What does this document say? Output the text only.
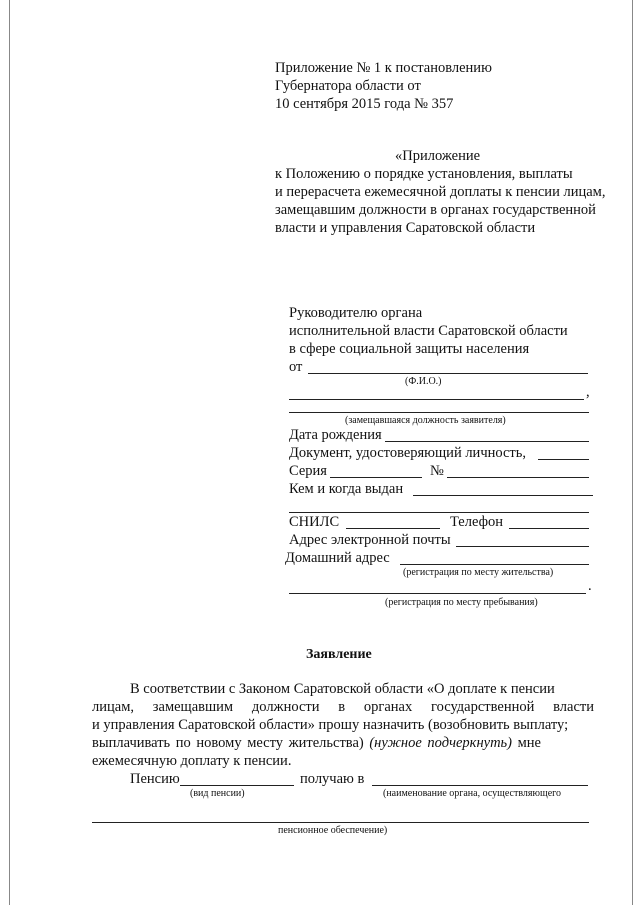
Приложение № 1 к постановлению
Губернатора области от
10 сентября 2015 года № 357
«Приложение
к Положению о порядке установления, выплаты
и перерасчета ежемесячной доплаты к пенсии лицам,
замещавшим должности в органах государственной
власти и управления Саратовской области
Руководителю органа
исполнительной власти Саратовской области
в сфере социальной защиты населения
от
(Ф.И.О.)
,
(замещавшаяся должность заявителя)
Дата рождения
Документ, удостоверяющий личность,
Серия	№
Кем и когда выдан
СНИЛС	Телефон
Адрес электронной почты
Домашний адрес
(регистрация по месту жительства)
.
(регистрация по месту пребывания)
Заявление
В соответствии с Законом Саратовской области «О доплате к пенсии
лицам,  замещавшим  должности  в  органах  государственной  власти
и управления Саратовской области» прошу назначить (возобновить выплату;
выплачивать по новому месту жительства) (нужное подчеркнуть) мне
ежемесячную доплату к пенсии.
Пенсию	получаю в
(вид пенсии)	(наименование органа, осуществляющего
пенсионное обеспечение)
